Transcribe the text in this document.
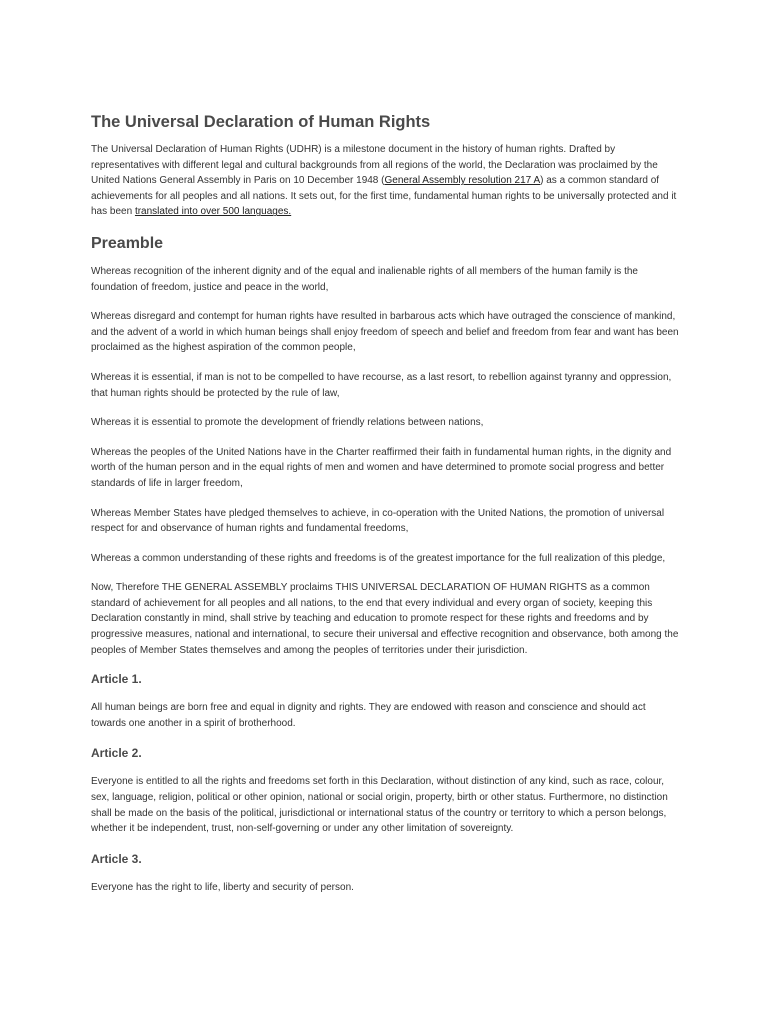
The Universal Declaration of Human Rights

The Universal Declaration of Human Rights (UDHR) is a milestone document in the history of human rights. Drafted by representatives with different legal and cultural backgrounds from all regions of the world, the Declaration was proclaimed by the United Nations General Assembly in Paris on 10 December 1948 (General Assembly resolution 217 A) as a common standard of achievements for all peoples and all nations. It sets out, for the first time, fundamental human rights to be universally protected and it has been translated into over 500 languages.

Preamble

Whereas recognition of the inherent dignity and of the equal and inalienable rights of all members of the human family is the foundation of freedom, justice and peace in the world,

Whereas disregard and contempt for human rights have resulted in barbarous acts which have outraged the conscience of mankind, and the advent of a world in which human beings shall enjoy freedom of speech and belief and freedom from fear and want has been proclaimed as the highest aspiration of the common people,

Whereas it is essential, if man is not to be compelled to have recourse, as a last resort, to rebellion against tyranny and oppression, that human rights should be protected by the rule of law,

Whereas it is essential to promote the development of friendly relations between nations,

Whereas the peoples of the United Nations have in the Charter reaffirmed their faith in fundamental human rights, in the dignity and worth of the human person and in the equal rights of men and women and have determined to promote social progress and better standards of life in larger freedom,

Whereas Member States have pledged themselves to achieve, in co-operation with the United Nations, the promotion of universal respect for and observance of human rights and fundamental freedoms,

Whereas a common understanding of these rights and freedoms is of the greatest importance for the full realization of this pledge,

Now, Therefore THE GENERAL ASSEMBLY proclaims THIS UNIVERSAL DECLARATION OF HUMAN RIGHTS as a common standard of achievement for all peoples and all nations, to the end that every individual and every organ of society, keeping this Declaration constantly in mind, shall strive by teaching and education to promote respect for these rights and freedoms and by progressive measures, national and international, to secure their universal and effective recognition and observance, both among the peoples of Member States themselves and among the peoples of territories under their jurisdiction.

Article 1.

All human beings are born free and equal in dignity and rights. They are endowed with reason and conscience and should act towards one another in a spirit of brotherhood.

Article 2.

Everyone is entitled to all the rights and freedoms set forth in this Declaration, without distinction of any kind, such as race, colour, sex, language, religion, political or other opinion, national or social origin, property, birth or other status. Furthermore, no distinction shall be made on the basis of the political, jurisdictional or international status of the country or territory to which a person belongs, whether it be independent, trust, non-self-governing or under any other limitation of sovereignty.

Article 3.

Everyone has the right to life, liberty and security of person.
